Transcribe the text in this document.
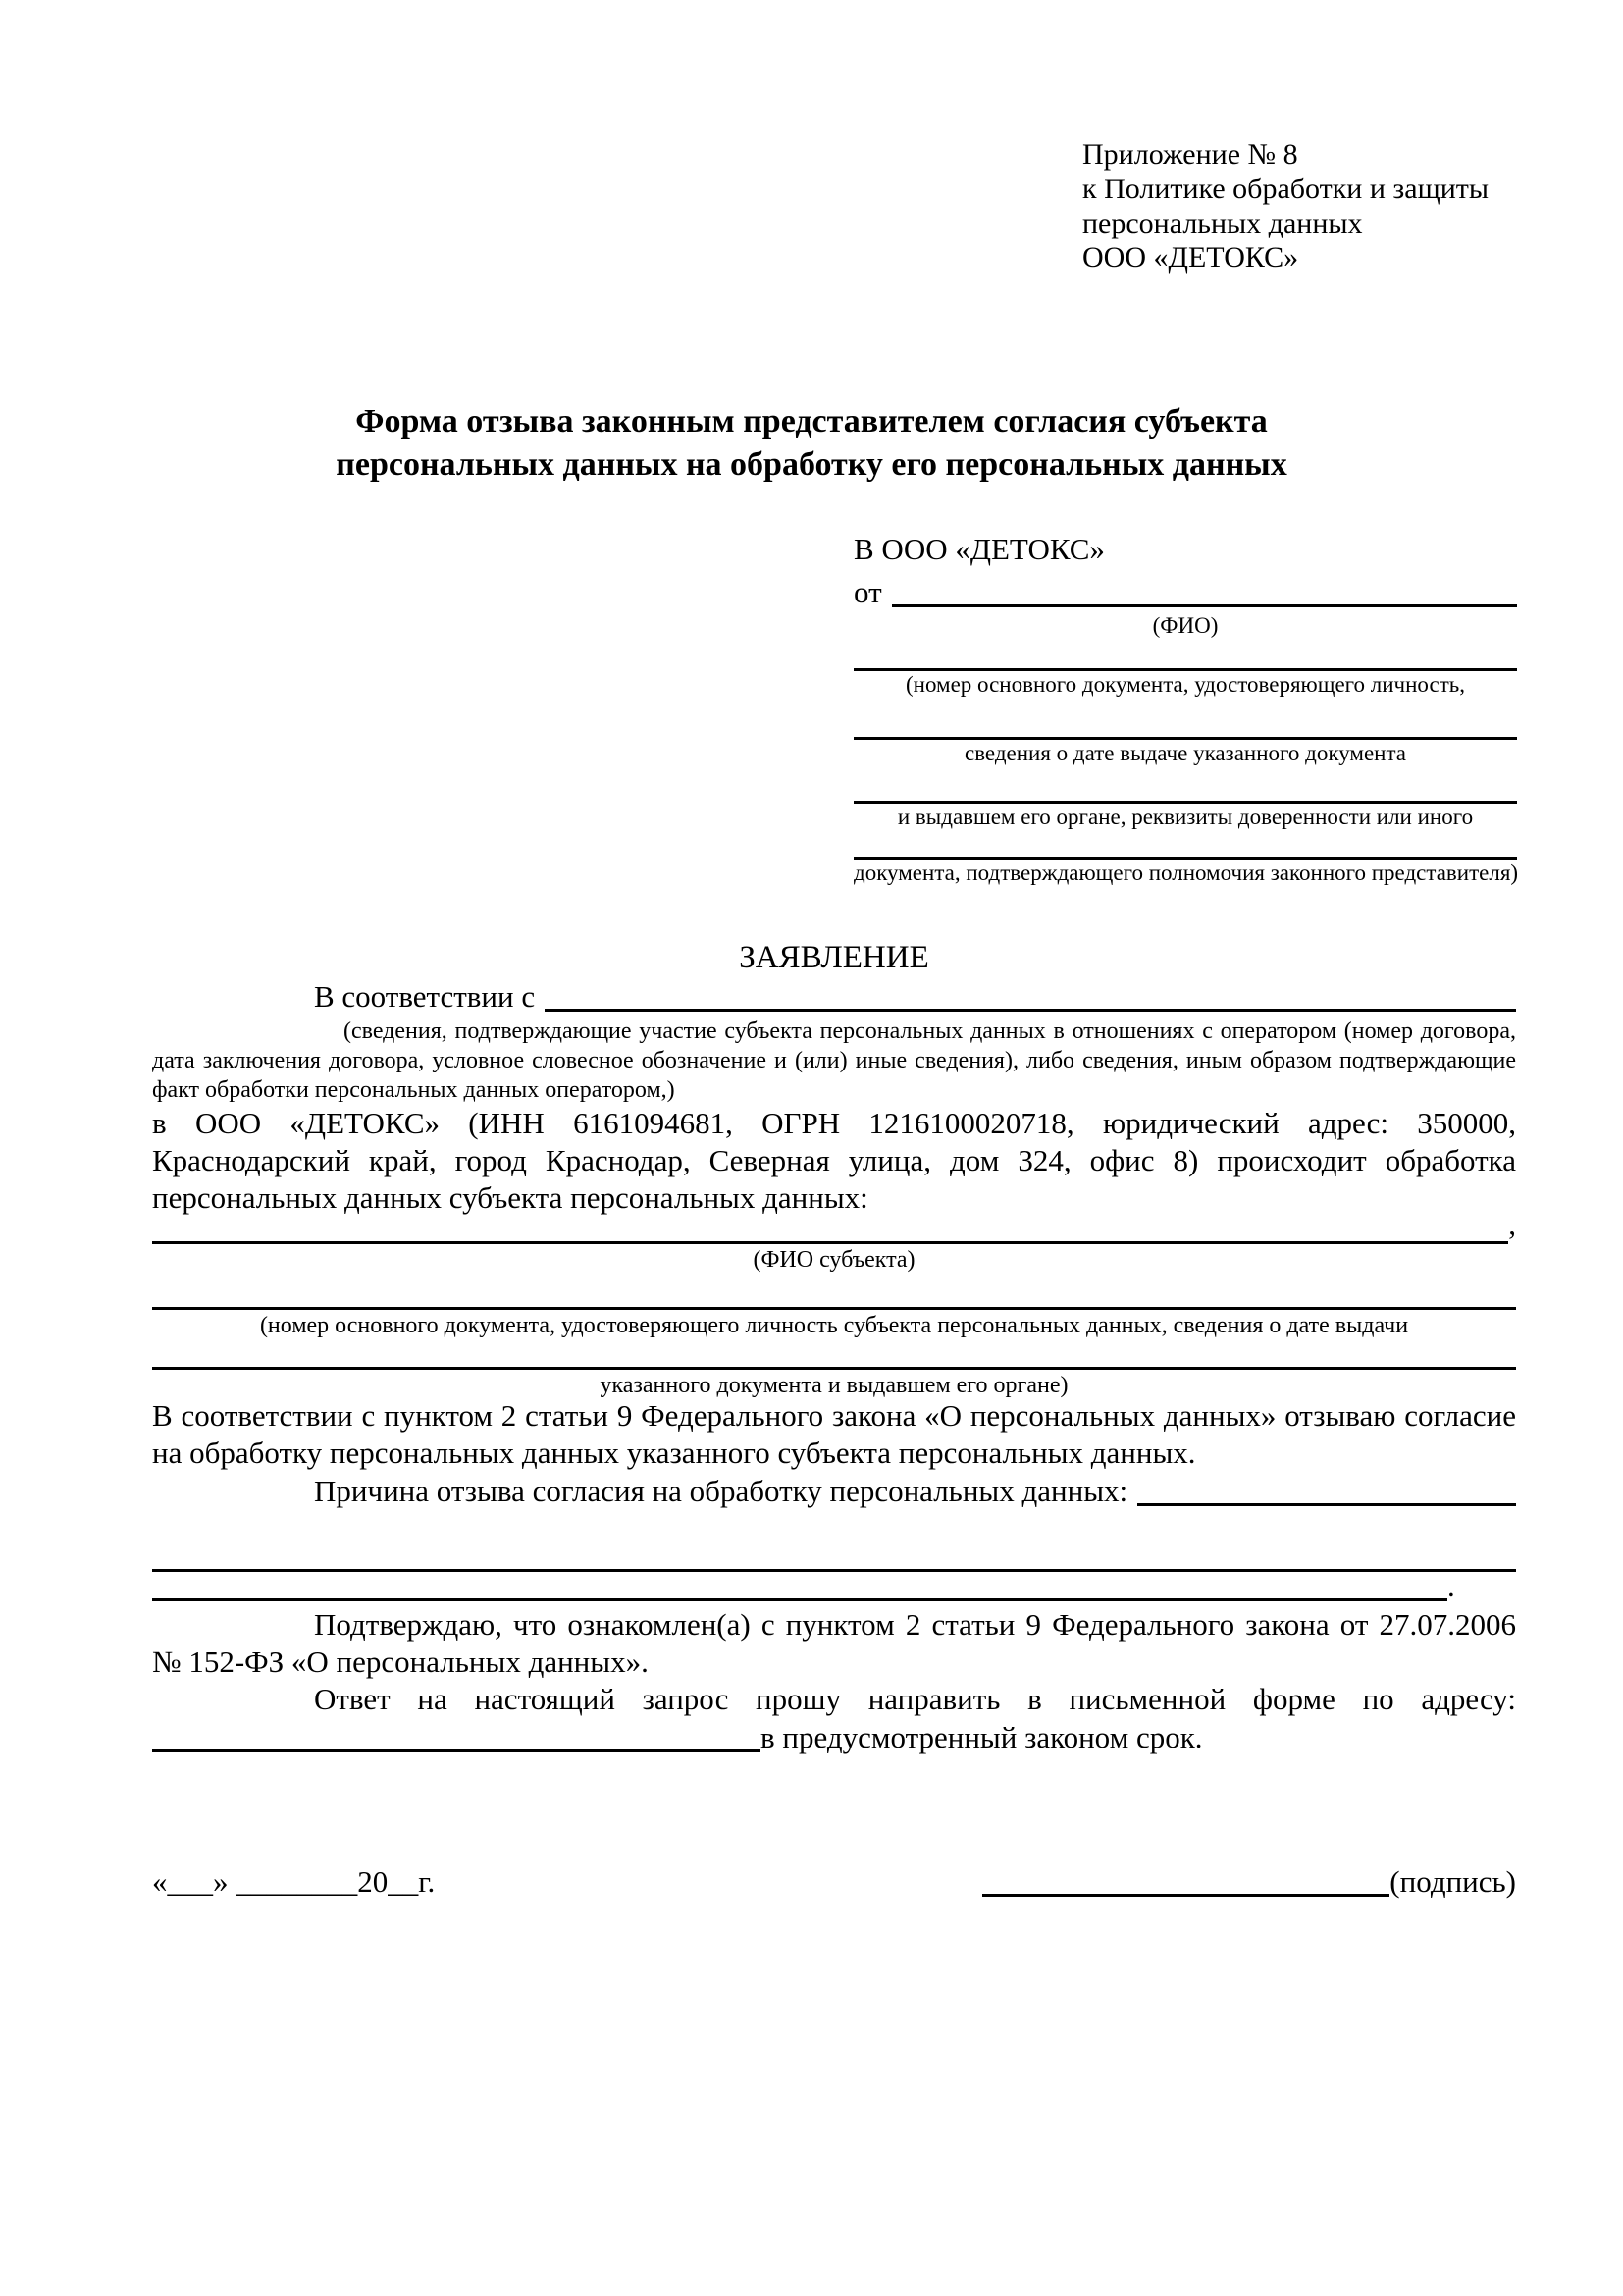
Приложение № 8
к Политике обработки и защиты
персональных данных
ООО «ДЕТОКС»
Форма отзыва законным представителем согласия субъекта
персональных данных на обработку его персональных данных
В ООО «ДЕТОКС»
от
(ФИО)
(номер основного документа, удостоверяющего личность,
сведения о дате выдаче указанного документа
и выдавшем его органе, реквизиты доверенности или иного
документа, подтверждающего полномочия законного представителя)
ЗАЯВЛЕНИЕ
В соответствии с
(сведения, подтверждающие участие субъекта персональных данных в отношениях с оператором (номер договора, дата заключения договора, условное словесное обозначение и (или) иные сведения), либо сведения, иным образом подтверждающие факт обработки персональных данных оператором,)

в ООО «ДЕТОКС» (ИНН 6161094681, ОГРН 1216100020718, юридический адрес: 350000, Краснодарский край, город Краснодар, Северная улица, дом 324, офис 8) происходит обработка персональных данных субъекта персональных данных:

,
(ФИО субъекта)
(номер основного документа, удостоверяющего личность субъекта персональных данных, сведения о дате выдачи
указанного документа и выдавшем его органе)

В соответствии с пунктом 2 статьи 9 Федерального закона «О персональных данных» отзываю согласие на обработку персональных данных указанного субъекта персональных данных.

Причина отзыва согласия на обработку персональных данных:
.

Подтверждаю, что ознакомлен(а) с пунктом 2 статьи 9 Федерального закона от 27.07.2006 № 152-ФЗ «О персональных данных».

Ответ на настоящий запрос прошу направить в письменной форме по адресу:

в предусмотренный законом срок.
«___» ________20__г.	(подпись)
